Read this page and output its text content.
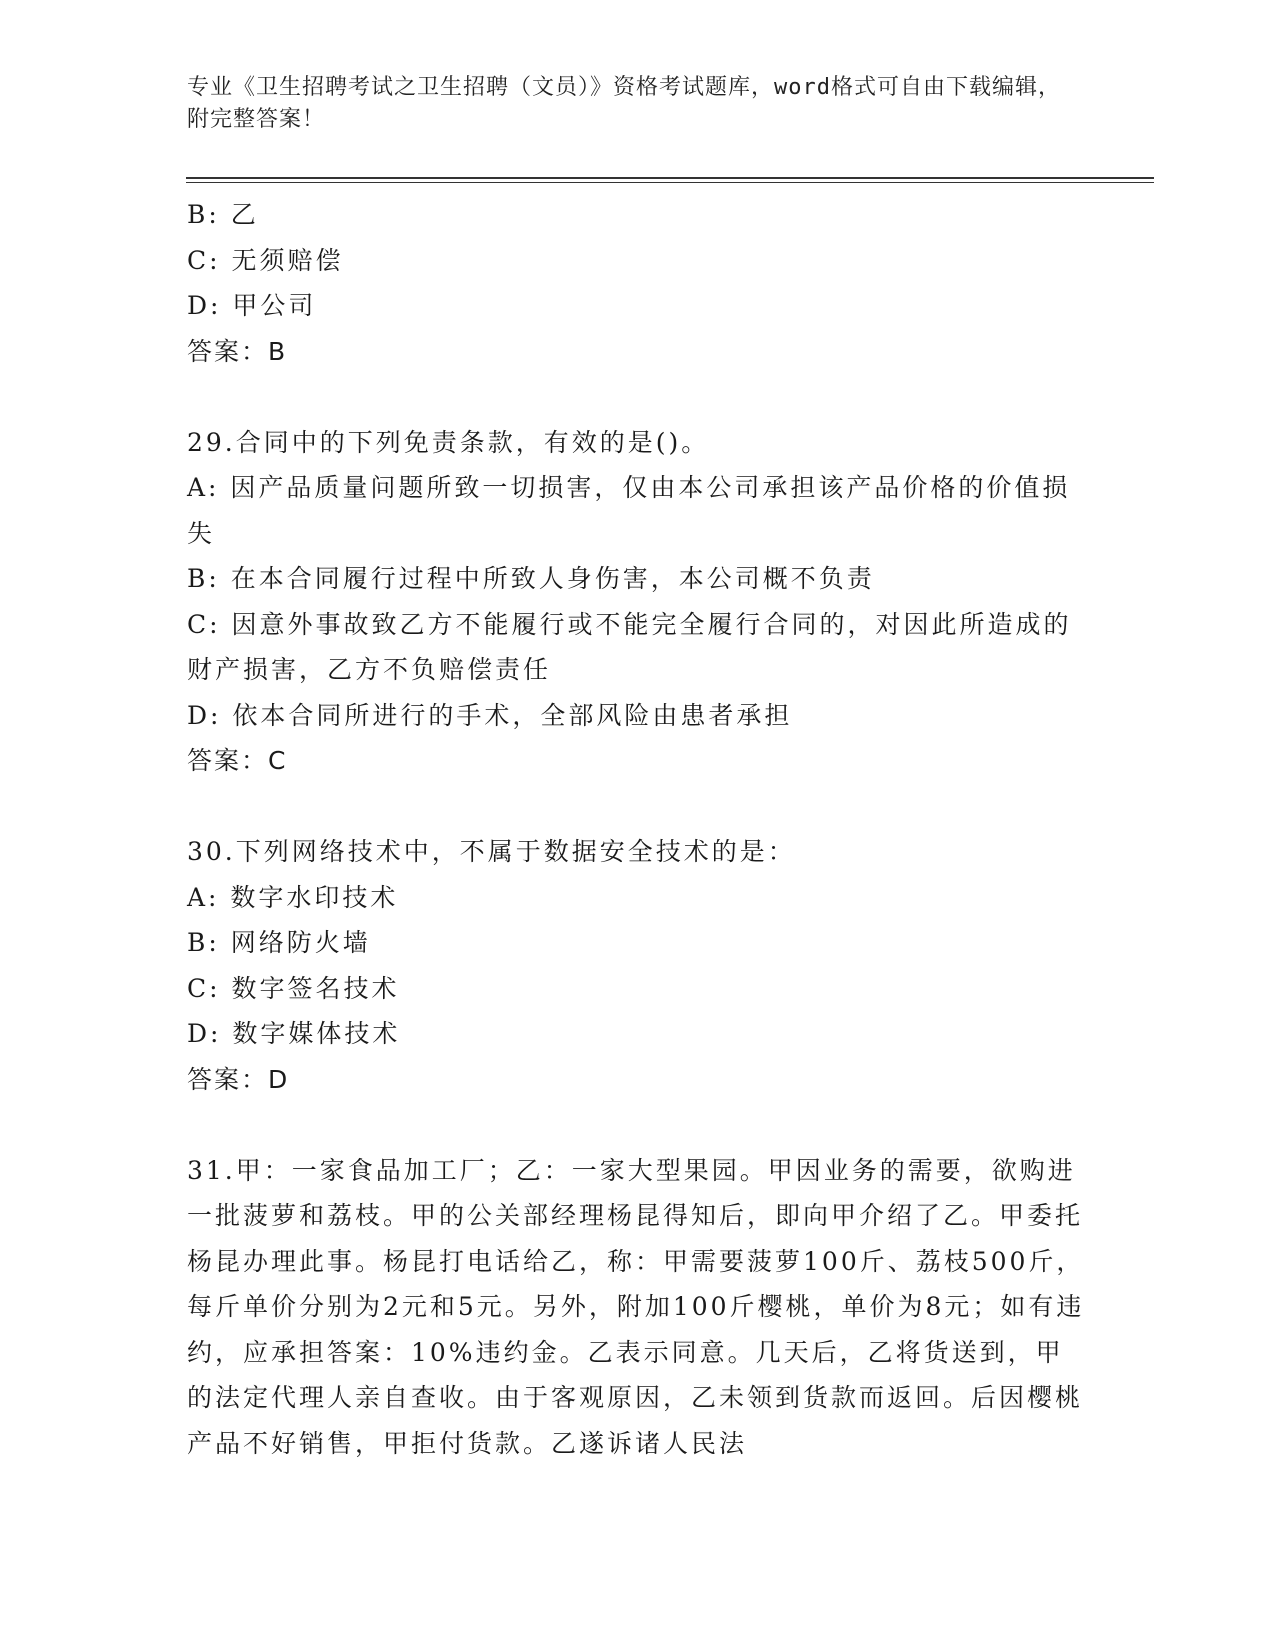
专业《卫生招聘考试之卫生招聘（文员）》资格考试题库，word格式可自由下载编辑，附完整答案！
B: 乙
C: 无须赔偿
D: 甲公司
答案：B
29.合同中的下列免责条款，有效的是()。
A: 因产品质量问题所致一切损害，仅由本公司承担该产品价格的价值损失
B: 在本合同履行过程中所致人身伤害，本公司概不负责
C: 因意外事故致乙方不能履行或不能完全履行合同的，对因此所造成的财产损害，乙方不负赔偿责任
D: 依本合同所进行的手术，全部风险由患者承担
答案：C
30.下列网络技术中，不属于数据安全技术的是：
A: 数字水印技术
B: 网络防火墙
C: 数字签名技术
D: 数字媒体技术
答案：D
31.甲：一家食品加工厂；乙：一家大型果园。甲因业务的需要，欲购进一批菠萝和荔枝。甲的公关部经理杨昆得知后，即向甲介绍了乙。甲委托杨昆办理此事。杨昆打电话给乙，称：甲需要菠萝100斤、荔枝500斤，每斤单价分别为2元和5元。另外，附加100斤樱桃，单价为8元；如有违约，应承担答案：10%违约金。乙表示同意。几天后，乙将货送到，甲的法定代理人亲自查收。由于客观原因，乙未领到货款而返回。后因樱桃产品不好销售，甲拒付货款。乙遂诉诸人民法
